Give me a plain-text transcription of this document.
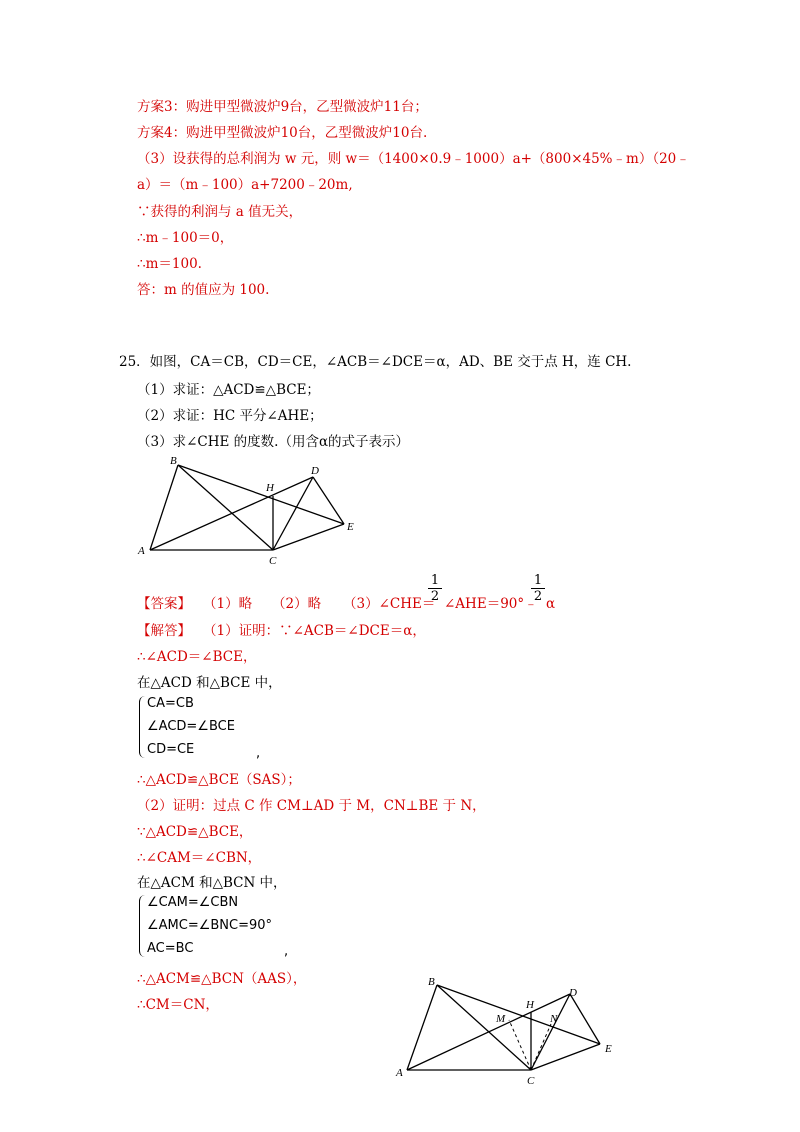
方案3：购进甲型微波炉9台，乙型微波炉11台；
方案4：购进甲型微波炉10台，乙型微波炉10台.
（3）设获得的总利润为 w 元，则 w＝（1400×0.9﹣1000）a+（800×45%﹣m）（20﹣
a）＝（m﹣100）a+7200﹣20m,
∵获得的利润与 a 值无关，
∴m﹣100＝0，
∴m＝100.
答：m 的值应为 100.
25．如图，CA＝CB，CD＝CE，∠ACB＝∠DCE＝α，AD、BE 交于点 H，连 CH.
（1）求证：△ACD≌△BCE；
（2）求证：HC 平分∠AHE；
（3）求∠CHE 的度数.（用含α的式子表示）
B
D
H
E
A
C
【答案】 （1）略 （2）略 （3）∠CHE＝
$\frac{1}{2}$ ∠AHE＝90°﹣
$\frac{1}{2}$ α
【解答】 （1）证明：∵∠ACB＝∠DCE＝α，
∴∠ACD＝∠BCE，
在△ACD 和△BCE 中，
CA=CB
∠ACD=∠BCE
CD=CE	,
∴△ACD≌△BCE（SAS）；
（2）证明：过点 C 作 CM⊥AD 于 M，CN⊥BE 于 N，
∵△ACD≌△BCE，
∴∠CAM＝∠CBN，
在△ACM 和△BCN 中，
∠CAM=∠CBN
∠AMC=∠BNC=90°
AC=BC	,
∴△ACM≌△BCN（AAS），
∴CM＝CN，
B
H
D
M	N
E
A
C
